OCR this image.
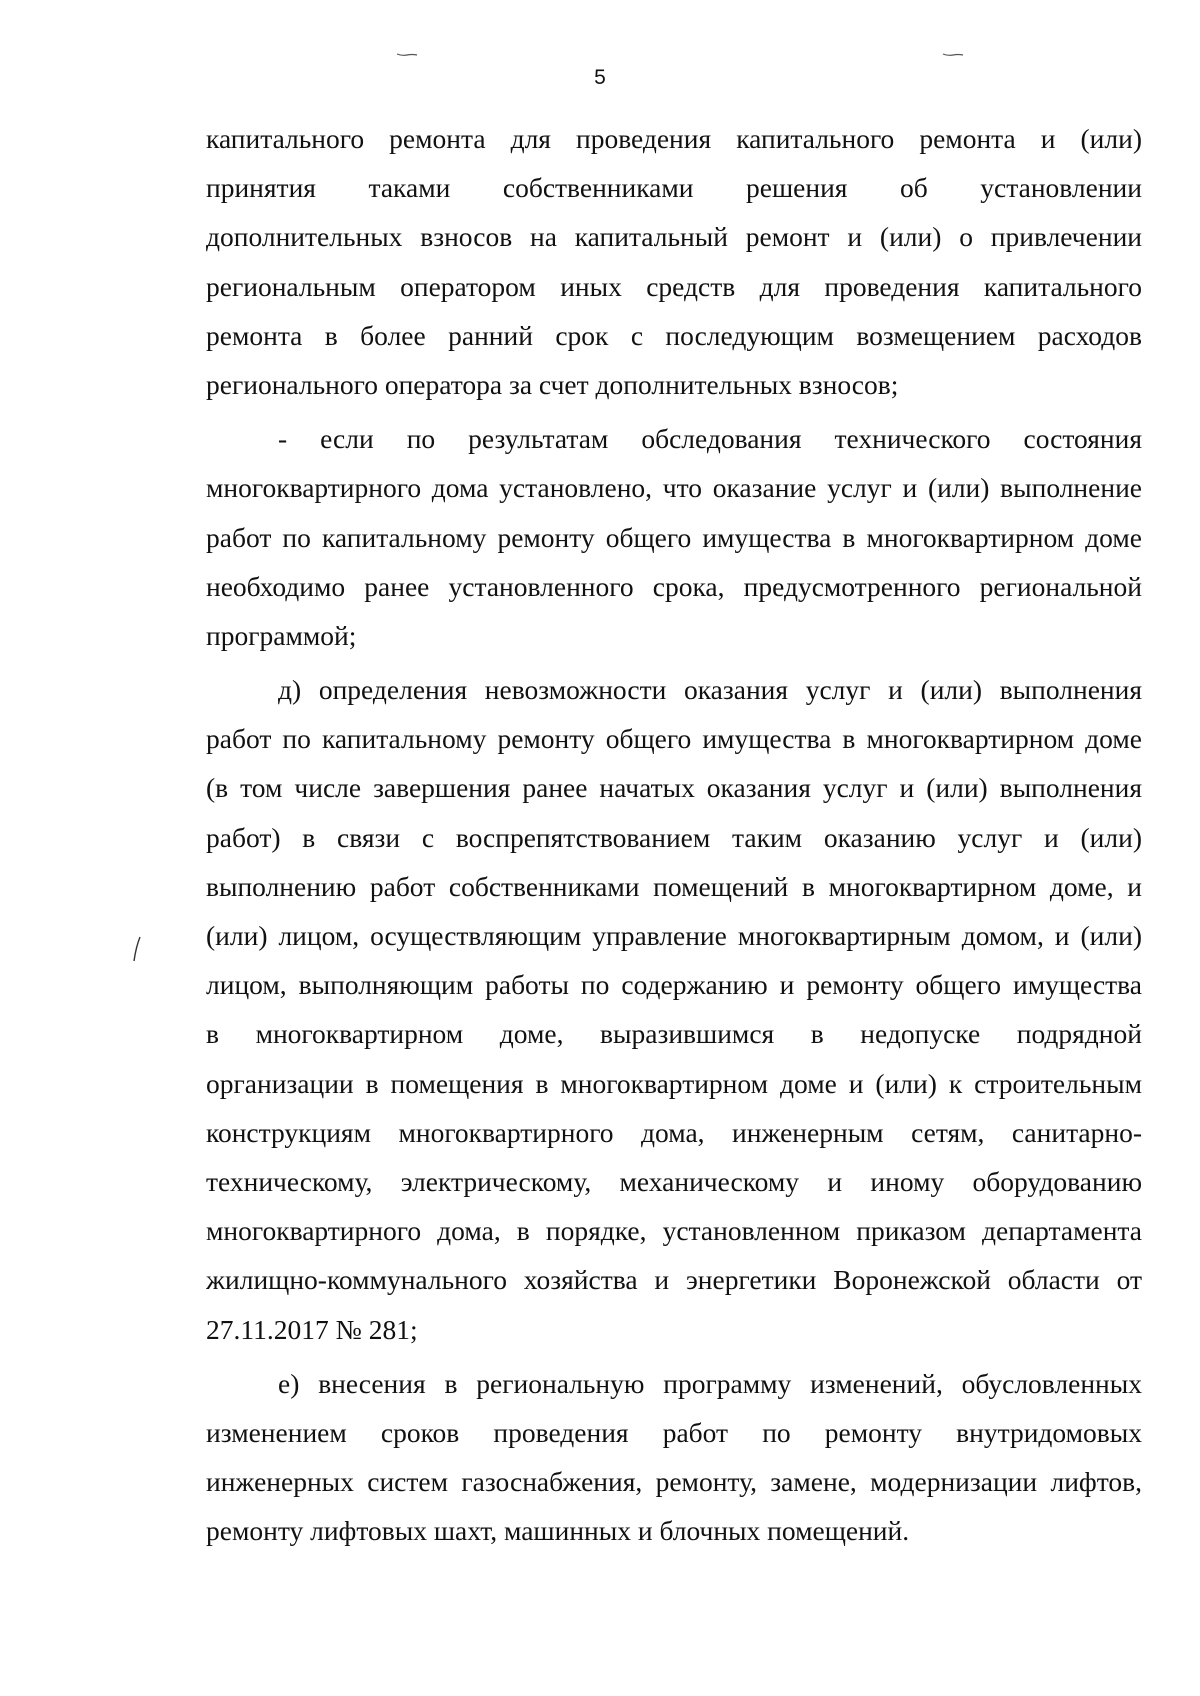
5
капитального ремонта для проведения капитального ремонта и (или)
принятия таками собственниками решения об установлении
дополнительных взносов на капитальный ремонт и (или) о привлечении
региональным оператором иных средств для проведения капитального
ремонта в более ранний срок с последующим возмещением расходов
регионального оператора за счет дополнительных взносов;
- если по результатам обследования технического состояния
многоквартирного дома установлено, что оказание услуг и (или) выполнение
работ по капитальному ремонту общего имущества в многоквартирном доме
необходимо ранее установленного срока, предусмотренного региональной
программой;
д) определения невозможности оказания услуг и (или) выполнения
работ по капитальному ремонту общего имущества в многоквартирном доме
(в том числе завершения ранее начатых оказания услуг и (или) выполнения
работ) в связи с воспрепятствованием таким оказанию услуг и (или)
выполнению работ собственниками помещений в многоквартирном доме, и
(или) лицом, осуществляющим управление многоквартирным домом, и (или)
лицом, выполняющим работы по содержанию и ремонту общего имущества
в многоквартирном доме, выразившимся в недопуске подрядной
организации в помещения в многоквартирном доме и (или) к строительным
конструкциям многоквартирного дома, инженерным сетям, санитарно-
техническому, электрическому, механическому и иному оборудованию
многоквартирного дома, в порядке, установленном приказом департамента
жилищно-коммунального хозяйства и энергетики Воронежской области от
27.11.2017 № 281;
е) внесения в региональную программу изменений, обусловленных
изменением сроков проведения работ по ремонту внутридомовых
инженерных систем газоснабжения, ремонту, замене, модернизации лифтов,
ремонту лифтовых шахт, машинных и блочных помещений.
